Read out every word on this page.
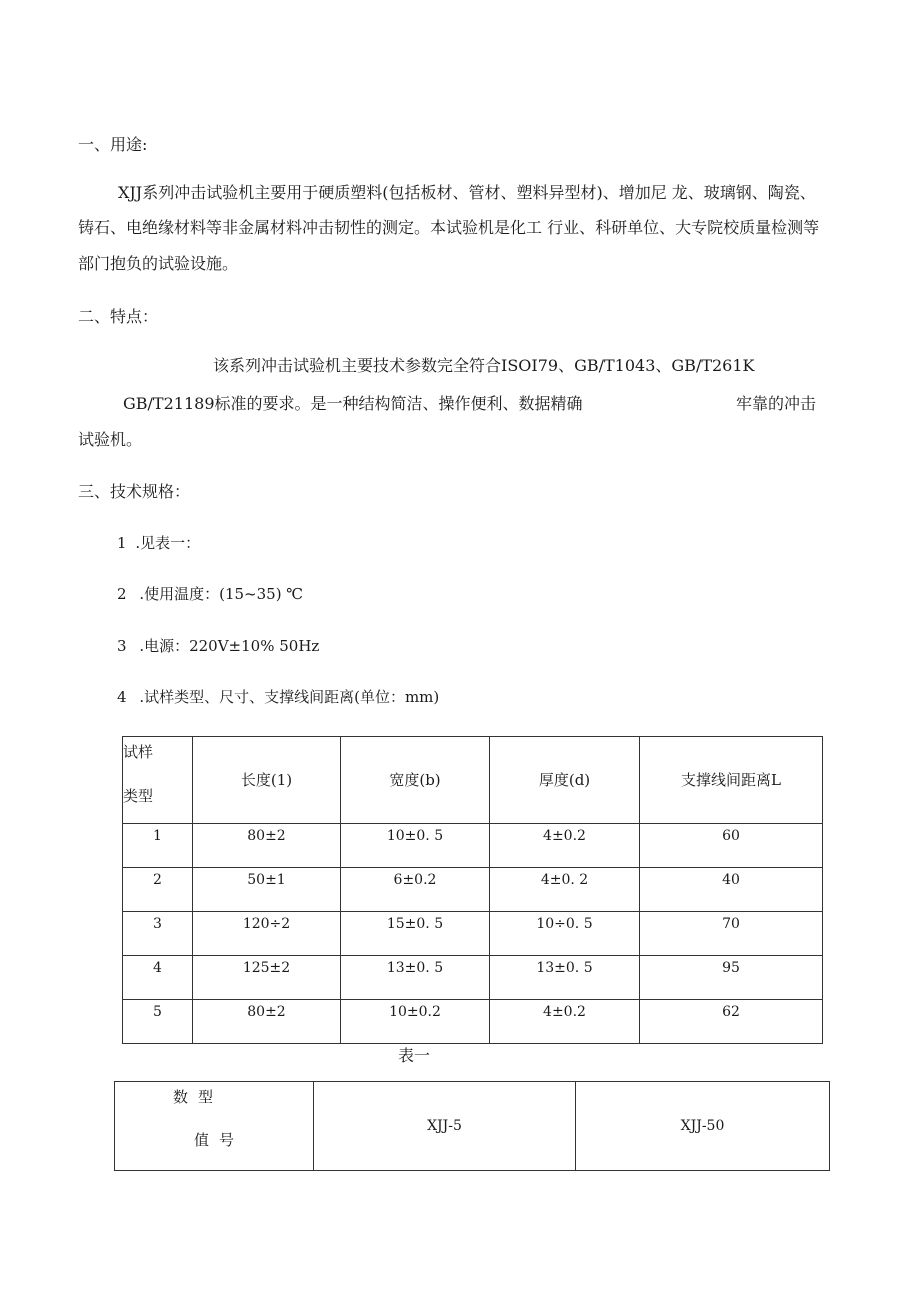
一、用途:
XJJ系列冲击试验机主要用于硬质塑料(包括板材、管材、塑料异型材)、增加尼 龙、玻璃钢、陶瓷、
铸石、电绝缘材料等非金属材料冲击韧性的测定。本试验机是化工 行业、科研单位、大专院校质量检测等
部门抱负的试验设施。
二、特点：
该系列冲击试验机主要技术参数完全符合ISOI79、GB/T1043、GB/T261K
GB/T21189标准的要求。是一种结构简洁、操作便利、数据精确	牢靠的冲击
试验机。
三、技术规格：
1 .见表一：
2 .使用温度：(15~35) ℃
3 .电源：220V±10% 50Hz
4 .试样类型、尺寸、支撑线间距离(单位：mm)
试样
类型	长度(1)	宽度(b)	厚度(d)	支撑线间距离L

1	80±2	10±0. 5	4±0.2	60

2	50±1	6±0.2	4±0. 2	40

3	120÷2	15±0. 5	10÷0. 5	70

4	125±2	13±0. 5	13±0. 5	95

5	80±2	10±0.2	4±0.2	62
表一
数型
值号
	XJJ-5	XJJ-50
